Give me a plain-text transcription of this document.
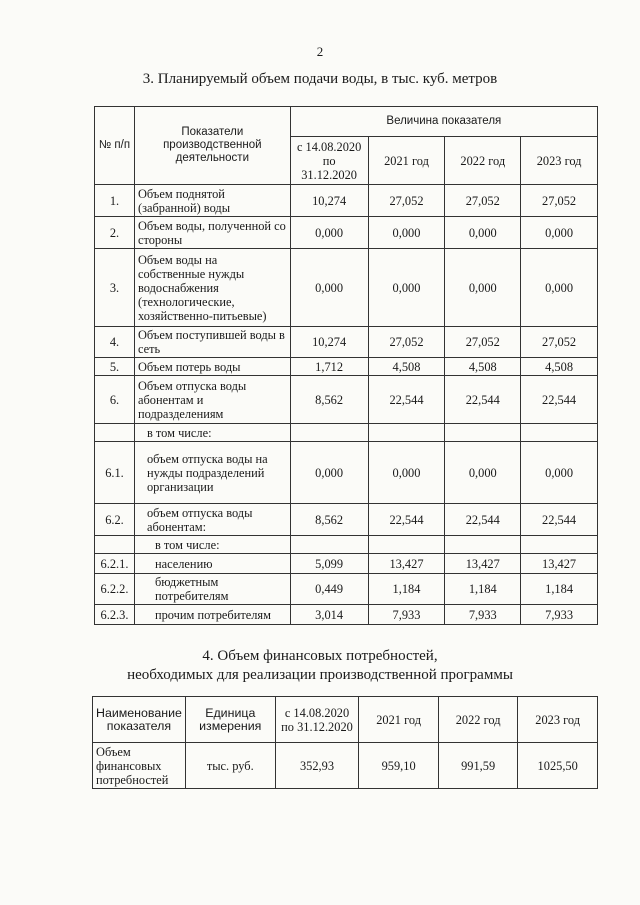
2
3. Планируемый объем подачи воды, в тыс. куб. метров
№ п/п	Показатели производственной деятельности	Величина показателя			
		с 14.08.2020 по 31.12.2020	2021 год	2022 год	2023 год
1.	Объем поднятой (забранной) воды	10,274	27,052	27,052	27,052
2.	Объем воды, полученной со стороны	0,000	0,000	0,000	0,000
3.	Объем воды на собственные нужды водоснабжения (технологические, хозяйственно-питьевые)	0,000	0,000	0,000	0,000
4.	Объем поступившей воды в сеть	10,274	27,052	27,052	27,052
5.	Объем потерь воды	1,712	4,508	4,508	4,508
6.	Объем отпуска воды абонентам и подразделениям	8,562	22,544	22,544	22,544
	в том числе:				
6.1.	объем отпуска воды на нужды подразделений организации	0,000	0,000	0,000	0,000
6.2.	объем отпуска воды абонентам:	8,562	22,544	22,544	22,544
	в том числе:				
6.2.1.	населению	5,099	13,427	13,427	13,427
6.2.2.	бюджетным потребителям	0,449	1,184	1,184	1,184
6.2.3.	прочим потребителям	3,014	7,933	7,933	7,933
4. Объем финансовых потребностей,
необходимых для реализации производственной программы
Наименование показателя	Единица измерения	с 14.08.2020 по 31.12.2020	2021 год	2022 год	2023 год
Объем финансовых потребностей	тыс. руб.	352,93	959,10	991,59	1025,50
